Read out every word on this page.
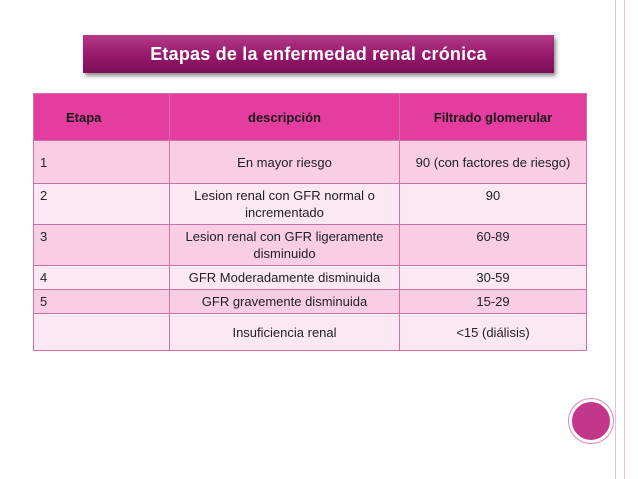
Etapas de la enfermedad renal crónica
Etapa	descripción	Filtrado glomerular
1	En mayor riesgo	90 (con factores de riesgo)
2	Lesion renal con GFR normal o incrementado	90
3	Lesion renal con GFR ligeramente disminuido	60-89
4	GFR Moderadamente disminuida	30-59
5	GFR gravemente disminuida	15-29
	Insuficiencia renal	<15 (diálisis)
